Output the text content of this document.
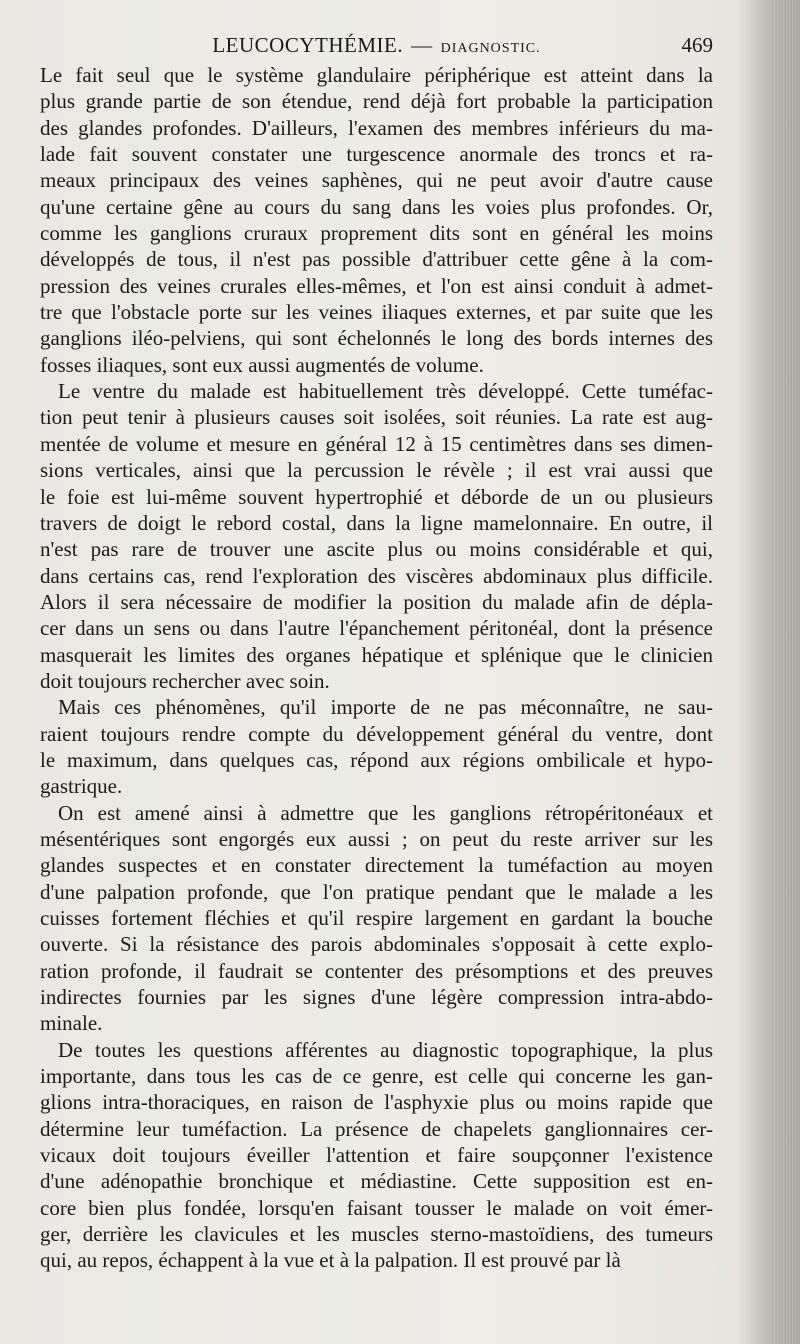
LEUCOCYTHÉMIE. — DIAGNOSTIC.	469
Le fait seul que le système glandulaire périphérique est atteint dans la
plus grande partie de son étendue, rend déjà fort probable la participation
des glandes profondes. D'ailleurs, l'examen des membres inférieurs du ma-
lade fait souvent constater une turgescence anormale des troncs et ra-
meaux principaux des veines saphènes, qui ne peut avoir d'autre cause
qu'une certaine gêne au cours du sang dans les voies plus profondes. Or,
comme les ganglions cruraux proprement dits sont en général les moins
développés de tous, il n'est pas possible d'attribuer cette gêne à la com-
pression des veines crurales elles-mêmes, et l'on est ainsi conduit à admet-
tre que l'obstacle porte sur les veines iliaques externes, et par suite que les
ganglions iléo-pelviens, qui sont échelonnés le long des bords internes des
fosses iliaques, sont eux aussi augmentés de volume.
Le ventre du malade est habituellement très développé. Cette tuméfac-
tion peut tenir à plusieurs causes soit isolées, soit réunies. La rate est aug-
mentée de volume et mesure en général 12 à 15 centimètres dans ses dimen-
sions verticales, ainsi que la percussion le révèle ; il est vrai aussi que
le foie est lui-même souvent hypertrophié et déborde de un ou plusieurs
travers de doigt le rebord costal, dans la ligne mamelonnaire. En outre, il
n'est pas rare de trouver une ascite plus ou moins considérable et qui,
dans certains cas, rend l'exploration des viscères abdominaux plus difficile.
Alors il sera nécessaire de modifier la position du malade afin de dépla-
cer dans un sens ou dans l'autre l'épanchement péritonéal, dont la présence
masquerait les limites des organes hépatique et splénique que le clinicien
doit toujours rechercher avec soin.
Mais ces phénomènes, qu'il importe de ne pas méconnaître, ne sau-
raient toujours rendre compte du développement général du ventre, dont
le maximum, dans quelques cas, répond aux régions ombilicale et hypo-
gastrique.
On est amené ainsi à admettre que les ganglions rétropéritonéaux et
mésentériques sont engorgés eux aussi ; on peut du reste arriver sur les
glandes suspectes et en constater directement la tuméfaction au moyen
d'une palpation profonde, que l'on pratique pendant que le malade a les
cuisses fortement fléchies et qu'il respire largement en gardant la bouche
ouverte. Si la résistance des parois abdominales s'opposait à cette explo-
ration profonde, il faudrait se contenter des présomptions et des preuves
indirectes fournies par les signes d'une légère compression intra-abdo-
minale.
De toutes les questions afférentes au diagnostic topographique, la plus
importante, dans tous les cas de ce genre, est celle qui concerne les gan-
glions intra-thoraciques, en raison de l'asphyxie plus ou moins rapide que
détermine leur tuméfaction. La présence de chapelets ganglionnaires cer-
vicaux doit toujours éveiller l'attention et faire soupçonner l'existence
d'une adénopathie bronchique et médiastine. Cette supposition est en-
core bien plus fondée, lorsqu'en faisant tousser le malade on voit émer-
ger, derrière les clavicules et les muscles sterno-mastoïdiens, des tumeurs
qui, au repos, échappent à la vue et à la palpation. Il est prouvé par là
